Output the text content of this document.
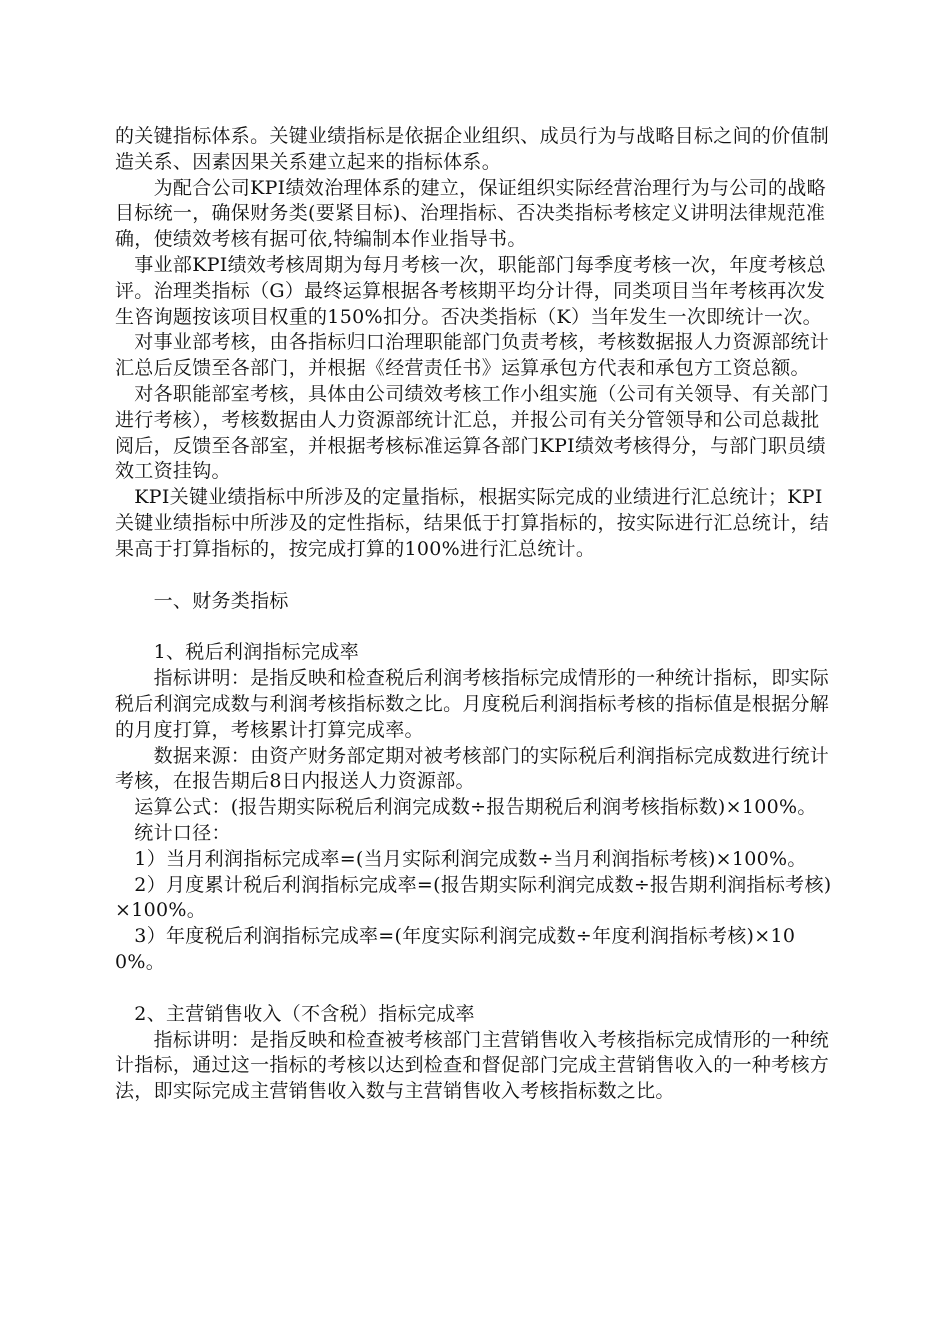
的关键指标体系。关键业绩指标是依据企业组织、成员行为与战略目标之间的价值制造关系、因素因果关系建立起来的指标体系。

　　为配合公司KPI绩效治理体系的建立，保证组织实际经营治理行为与公司的战略目标统一，确保财务类(要紧目标)、治理指标、否决类指标考核定义讲明法律规范准确，使绩效考核有据可依,特编制本作业指导书。

　事业部KPI绩效考核周期为每月考核一次，职能部门每季度考核一次，年度考核总评。治理类指标（G）最终运算根据各考核期平均分计得，同类项目当年考核再次发生咨询题按该项目权重的150%扣分。否决类指标（K）当年发生一次即统计一次。

　对事业部考核，由各指标归口治理职能部门负责考核，考核数据报人力资源部统计汇总后反馈至各部门，并根据《经营责任书》运算承包方代表和承包方工资总额。

　对各职能部室考核，具体由公司绩效考核工作小组实施（公司有关领导、有关部门进行考核），考核数据由人力资源部统计汇总，并报公司有关分管领导和公司总裁批阅后，反馈至各部室，并根据考核标准运算各部门KPI绩效考核得分，与部门职员绩效工资挂钩。

　KPI关键业绩指标中所涉及的定量指标，根据实际完成的业绩进行汇总统计；KPI关键业绩指标中所涉及的定性指标，结果低于打算指标的，按实际进行汇总统计，结果高于打算指标的，按完成打算的100%进行汇总统计。

　　一、财务类指标

　　1、税后利润指标完成率

　　指标讲明：是指反映和检查税后利润考核指标完成情形的一种统计指标，即实际税后利润完成数与利润考核指标数之比。月度税后利润指标考核的指标值是根据分解的月度打算，考核累计打算完成率。

　　数据来源：由资产财务部定期对被考核部门的实际税后利润指标完成数进行统计考核，在报告期后8日内报送人力资源部。

　运算公式：(报告期实际税后利润完成数÷报告期税后利润考核指标数)×100%。

　统计口径：

　1）当月利润指标完成率=(当月实际利润完成数÷当月利润指标考核)×100%。

　2）月度累计税后利润指标完成率=(报告期实际利润完成数÷报告期利润指标考核)×100%。

　3）年度税后利润指标完成率=(年度实际利润完成数÷年度利润指标考核)×100%。

　2、主营销售收入（不含税）指标完成率

　　指标讲明：是指反映和检查被考核部门主营销售收入考核指标完成情形的一种统计指标，通过这一指标的考核以达到检查和督促部门完成主营销售收入的一种考核方法，即实际完成主营销售收入数与主营销售收入考核指标数之比。
